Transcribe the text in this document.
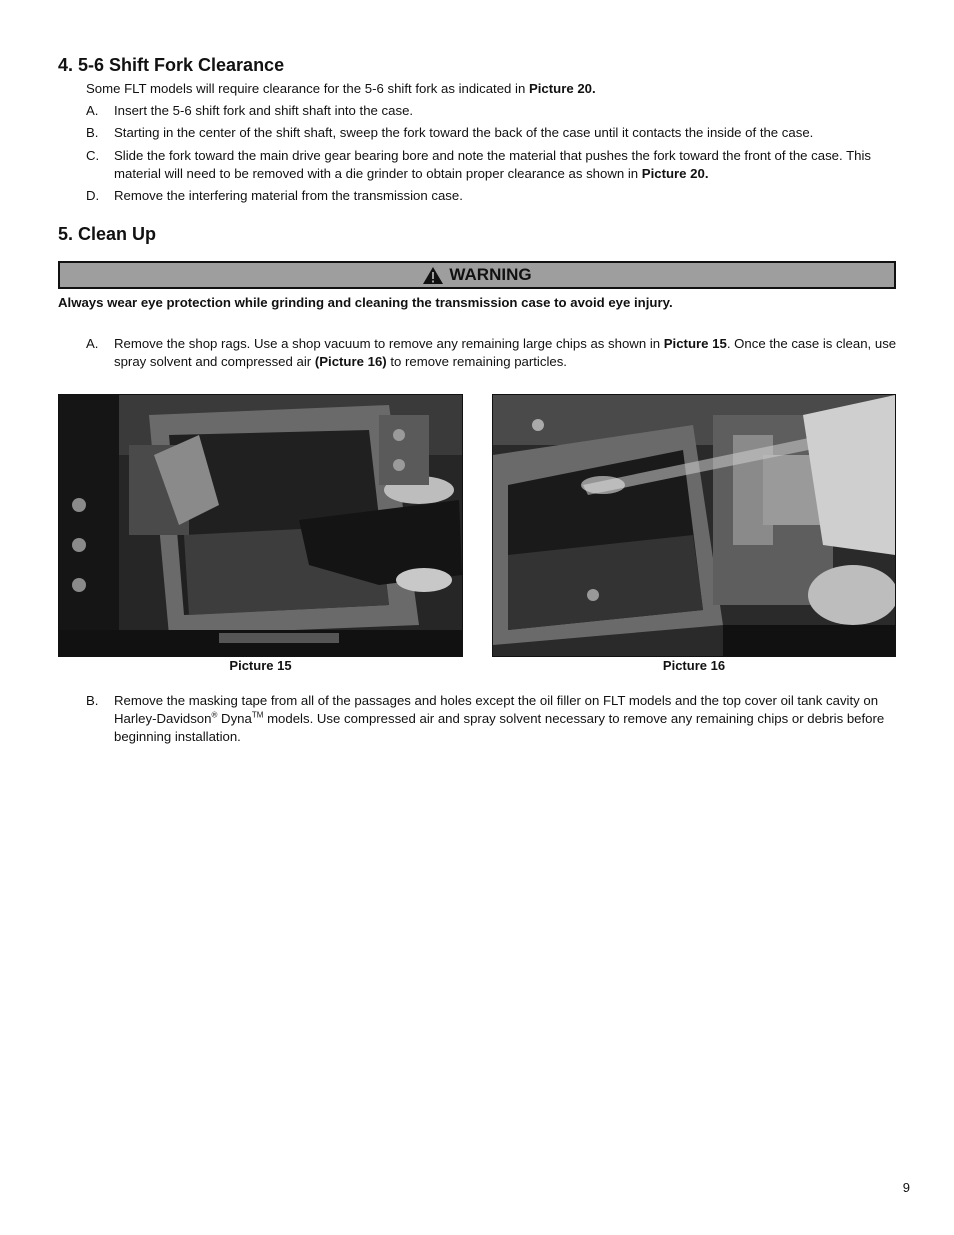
4. 5-6 Shift Fork Clearance
Some FLT models will require clearance for the 5-6 shift fork as indicated in Picture 20.
A.	Insert the 5-6 shift fork and shift shaft into the case.
B.	Starting in the center of the shift shaft, sweep the fork toward the back of the case until it contacts the inside of the case.
C.	Slide the fork toward the main drive gear bearing bore and note the material that pushes the fork toward the front of the case. This material will need to be removed with a die grinder to obtain proper clearance as shown in Picture 20.
D.	Remove the interfering material from the transmission case.
5. Clean Up
WARNING
Always wear eye protection while grinding and cleaning the transmission case to avoid eye injury.
A.	Remove the shop rags. Use a shop vacuum to remove any remaining large chips as shown in Picture 15. Once the case is clean, use spray solvent and compressed air (Picture 16) to remove remaining particles.
Picture 15	Picture 16
B.	Remove the masking tape from all of the passages and holes except the oil filler on FLT models and the top cover oil tank cavity on Harley-Davidson® Dyna™ models. Use compressed air and spray solvent necessary to remove any remaining chips or debris before beginning installation.
9
